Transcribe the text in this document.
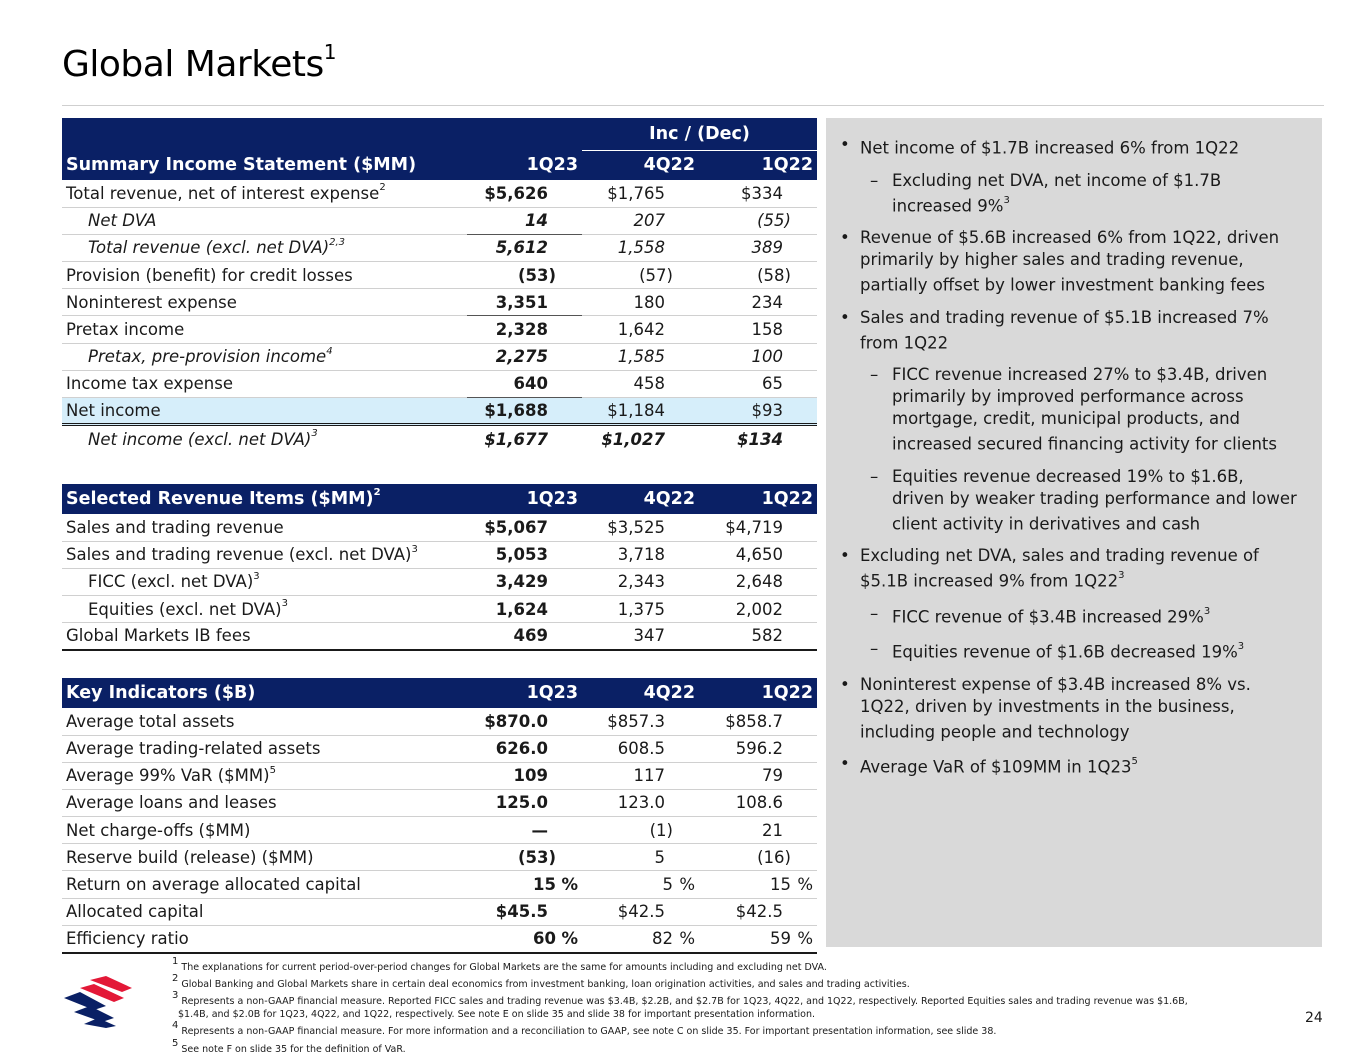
Global Markets$^1$
		Inc / (Dec)	
Summary Income Statement ($MM)	1Q23	4Q22	1Q22
Total revenue, net of interest expense$^2$	$5,626	$1,765	$334
Net DVA	14	207	(55)
Total revenue (excl. net DVA)$^{2,3}$	5,612	1,558	389
Provision (benefit) for credit losses	(53)	(57)	(58)
Noninterest expense	3,351	180	234
Pretax income	2,328	1,642	158
Pretax, pre-provision income$^4$	2,275	1,585	100
Income tax expense	640	458	65
Net income	$1,688	$1,184	$93
Net income (excl. net DVA)$^3$	$1,677	$1,027	$134
Selected Revenue Items ($MM)$^2$	1Q23	4Q22	1Q22
Sales and trading revenue	$5,067	$3,525	$4,719
Sales and trading revenue (excl. net DVA)$^3$	5,053	3,718	4,650
FICC (excl. net DVA)$^3$	3,429	2,343	2,648
Equities (excl. net DVA)$^3$	1,624	1,375	2,002
Global Markets IB fees	469	347	582
Key Indicators ($B)	1Q23	4Q22	1Q22
Average total assets	$870.0	$857.3	$858.7
Average trading-related assets	626.0	608.5	596.2
Average 99% VaR ($MM)$^5$	109	117	79
Average loans and leases	125.0	123.0	108.6
Net charge-offs ($MM)	—	(1)	21
Reserve build (release) ($MM)	(53)	5	(16)
Return on average allocated capital	15 %	5 %	15 %
Allocated capital	$45.5	$42.5	$42.5
Efficiency ratio	60 %	82 %	59 %
• Net income of $1.7B increased 6% from 1Q22
– Excluding net DVA, net income of $1.7B increased 9%$^3$
• Revenue of $5.6B increased 6% from 1Q22, driven primarily by higher sales and trading revenue, partially offset by lower investment banking fees
• Sales and trading revenue of $5.1B increased 7% from 1Q22
– FICC revenue increased 27% to $3.4B, driven primarily by improved performance across mortgage, credit, municipal products, and increased secured financing activity for clients
– Equities revenue decreased 19% to $1.6B, driven by weaker trading performance and lower client activity in derivatives and cash
• Excluding net DVA, sales and trading revenue of $5.1B increased 9% from 1Q22$^3$
– FICC revenue of $3.4B increased 29%$^3$
– Equities revenue of $1.6B decreased 19%$^3$
• Noninterest expense of $3.4B increased 8% vs. 1Q22, driven by investments in the business, including people and technology
• Average VaR of $109MM in 1Q23$^5$
$^1$ The explanations for current period-over-period changes for Global Markets are the same for amounts including and excluding net DVA.
$^2$ Global Banking and Global Markets share in certain deal economics from investment banking, loan origination activities, and sales and trading activities.
$^3$ Represents a non-GAAP financial measure. Reported FICC sales and trading revenue was $3.4B, $2.2B, and $2.7B for 1Q23, 4Q22, and 1Q22, respectively. Reported Equities sales and trading revenue was $1.6B,
$1.4B, and $2.0B for 1Q23, 4Q22, and 1Q22, respectively. See note E on slide 35 and slide 38 for important presentation information.
$^4$ Represents a non-GAAP financial measure. For more information and a reconciliation to GAAP, see note C on slide 35. For important presentation information, see slide 38.
$^5$ See note F on slide 35 for the definition of VaR.
24
